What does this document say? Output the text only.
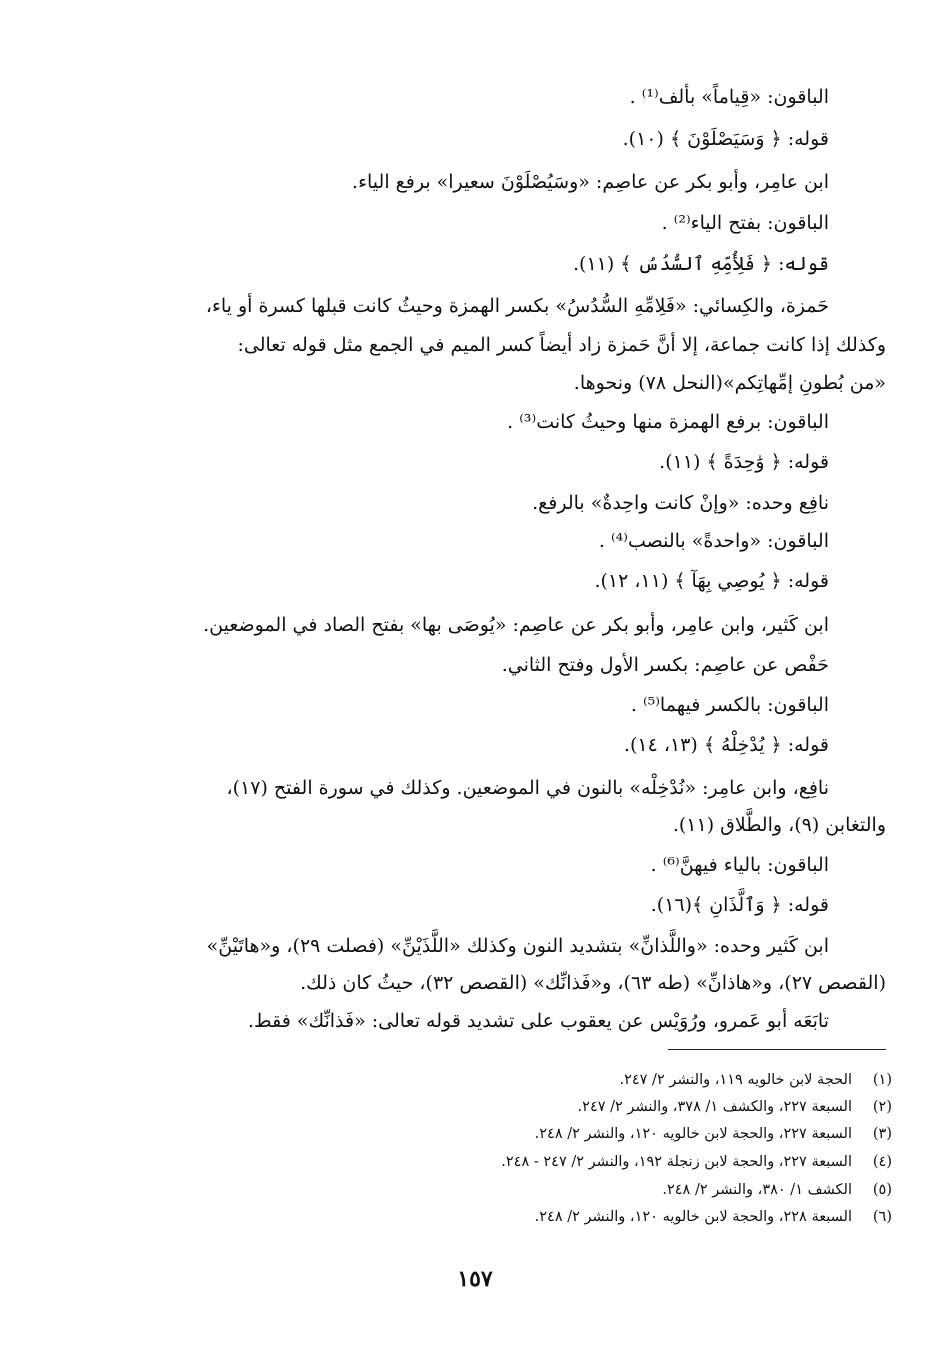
الباقون: «قِياماً» بألف⁽¹⁾ .
قوله: ﴿ وَسَيَصْلَوْنَ ﴾ (١٠).
ابن عامِر، وأبو بكر عن عاصِم: «وسَيُصْلَوْنَ سعيرا» برفع الياء.
الباقون: بفتح الياء⁽²⁾ .
قوله: ﴿ فَلِأُمِّهِ ٱلسُّدُسُ ﴾ (١١).
حَمزة، والكِسائي: «فَلِامِّهِ السُّدُسُ» بكسر الهمزة وحيثُ كانت قبلها كسرة أو ياء،
وكذلك إذا كانت جماعة، إلا أنَّ حَمزة زاد أيضاً كسر الميم في الجمع مثل قوله تعالى:
«من بُطونِ إمِّهاتِكم»(النحل ٧٨) ونحوها.
الباقون: برفع الهمزة منها وحيثُ كانت⁽³⁾ .
قوله: ﴿ وَٰحِدَةً ﴾ (١١).
نافِع وحده: «وإنْ كانت واحِدةٌ» بالرفع.
الباقون: «واحدةً» بالنصب⁽⁴⁾ .
قوله: ﴿ يُوصِي بِهَآ ﴾ (١١، ١٢).
ابن كَثير، وابن عامِر، وأبو بكر عن عاصِم: «يُوصَى بها» بفتح الصاد في الموضعين.
حَفْص عن عاصِم: بكسر الأول وفتح الثاني.
الباقون: بالكسر فيهما⁽⁵⁾ .
قوله: ﴿ يُدْخِلْهُ ﴾ (١٣، ١٤).
نافِع، وابن عامِر: «نُدْخِلْه» بالنون في الموضعين. وكذلك في سورة الفتح (١٧)،
والتغابن (٩)، والطَّلاق (١١).
الباقون: بالياء فيهنَّ⁽⁶⁾ .
قوله: ﴿ وَٱلَّذَانِ ﴾(١٦).
ابن كَثير وحده: «واللَّذانِّ» بتشديد النون وكذلك «اللَّذَيْنِّ» (فصلت ٢٩)، و«هاتَيْنِّ»
(القصص ٢٧)، و«هاذانِّ» (طه ٦٣)، و«فَذانِّك» (القصص ٣٢)، حيثُ كان ذلك.
تابَعَه أبو عَمرو، ورُوَيْس عن يعقوب على تشديد قوله تعالى: «فَذانِّك» فقط.
(١)الحجة لابن خالويه ١١٩، والنشر ٢/ ٢٤٧.
(٢)السبعة ٢٢٧، والكشف ١/ ٣٧٨، والنشر ٢/ ٢٤٧.
(٣)السبعة ٢٢٧، والحجة لابن خالويه ١٢٠، والنشر ٢/ ٢٤٨.
(٤)السبعة ٢٢٧، والحجة لابن زنجلة ١٩٢، والنشر ٢/ ٢٤٧ - ٢٤٨.
(٥)الكشف ١/ ٣٨٠، والنشر ٢/ ٢٤٨.
(٦)السبعة ٢٢٨، والحجة لابن خالويه ١٢٠، والنشر ٢/ ٢٤٨.
١٥٧
